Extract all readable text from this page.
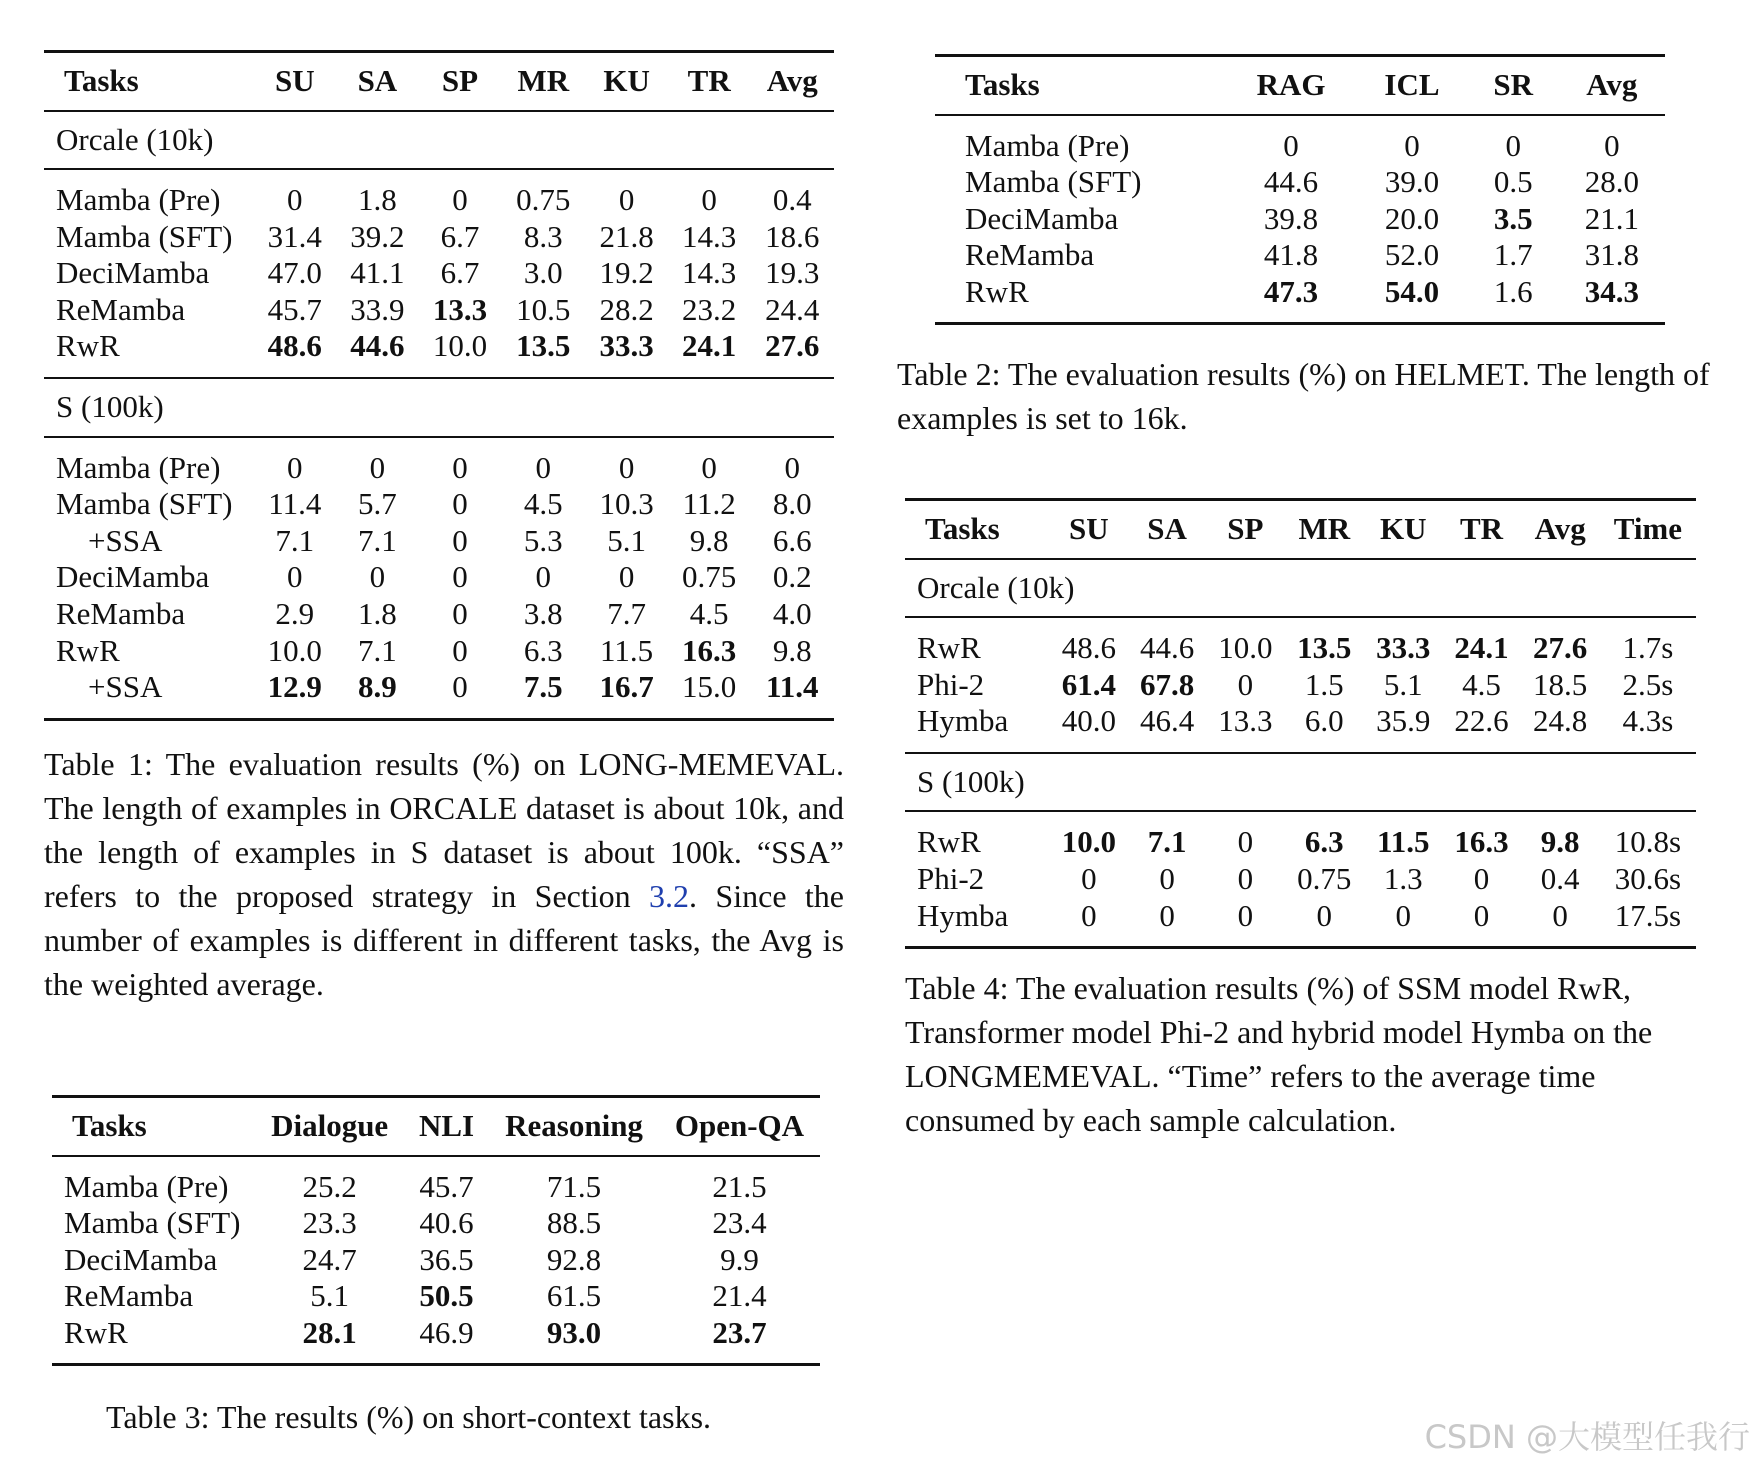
Tasks	SU	SA	SP	MR	KU	TR	Avg
Orcale (10k)							
Mamba (Pre)	0	1.8	0	0.75	0	0	0.4
Mamba (SFT)	31.4	39.2	6.7	8.3	21.8	14.3	18.6
DeciMamba	47.0	41.1	6.7	3.0	19.2	14.3	19.3
ReMamba	45.7	33.9	13.3	10.5	28.2	23.2	24.4
RwR	48.6	44.6	10.0	13.5	33.3	24.1	27.6
S (100k)							
Mamba (Pre)	0	0	0	0	0	0	0
Mamba (SFT)	11.4	5.7	0	4.5	10.3	11.2	8.0
+SSA	7.1	7.1	0	5.3	5.1	9.8	6.6
DeciMamba	0	0	0	0	0	0.75	0.2
ReMamba	2.9	1.8	0	3.8	7.7	4.5	4.0
RwR	10.0	7.1	0	6.3	11.5	16.3	9.8
+SSA	12.9	8.9	0	7.5	16.7	15.0	11.4
Table 1: The evaluation results (%) on LONG-MEMEVAL. The length of examples in ORCALE dataset is about 10k, and the length of examples in S dataset is about 100k. “SSA” refers to the proposed strategy in Section 3.2. Since the number of examples is different in different tasks, the Avg is the weighted average.
Tasks	Dialogue	NLI	Reasoning	Open-QA
Mamba (Pre)	25.2	45.7	71.5	21.5
Mamba (SFT)	23.3	40.6	88.5	23.4
DeciMamba	24.7	36.5	92.8	9.9
ReMamba	5.1	50.5	61.5	21.4
RwR	28.1	46.9	93.0	23.7
Table 3: The results (%) on short-context tasks.
Tasks	RAG	ICL	SR	Avg
Mamba (Pre)	0	0	0	0
Mamba (SFT)	44.6	39.0	0.5	28.0
DeciMamba	39.8	20.0	3.5	21.1
ReMamba	41.8	52.0	1.7	31.8
RwR	47.3	54.0	1.6	34.3
Table 2: The evaluation results (%) on HELMET. The length of examples is set to 16k.
Tasks	SU	SA	SP	MR	KU	TR	Avg	Time
Orcale (10k)								
RwR	48.6	44.6	10.0	13.5	33.3	24.1	27.6	1.7s
Phi-2	61.4	67.8	0	1.5	5.1	4.5	18.5	2.5s
Hymba	40.0	46.4	13.3	6.0	35.9	22.6	24.8	4.3s
S (100k)								
RwR	10.0	7.1	0	6.3	11.5	16.3	9.8	10.8s
Phi-2	0	0	0	0.75	1.3	0	0.4	30.6s
Hymba	0	0	0	0	0	0	0	17.5s
Table 4: The evaluation results (%) of SSM model RwR, Transformer model Phi-2 and hybrid model Hymba on the LONGMEMEVAL. “Time” refers to the average time consumed by each sample calculation.
CSDN @大模型任我行
